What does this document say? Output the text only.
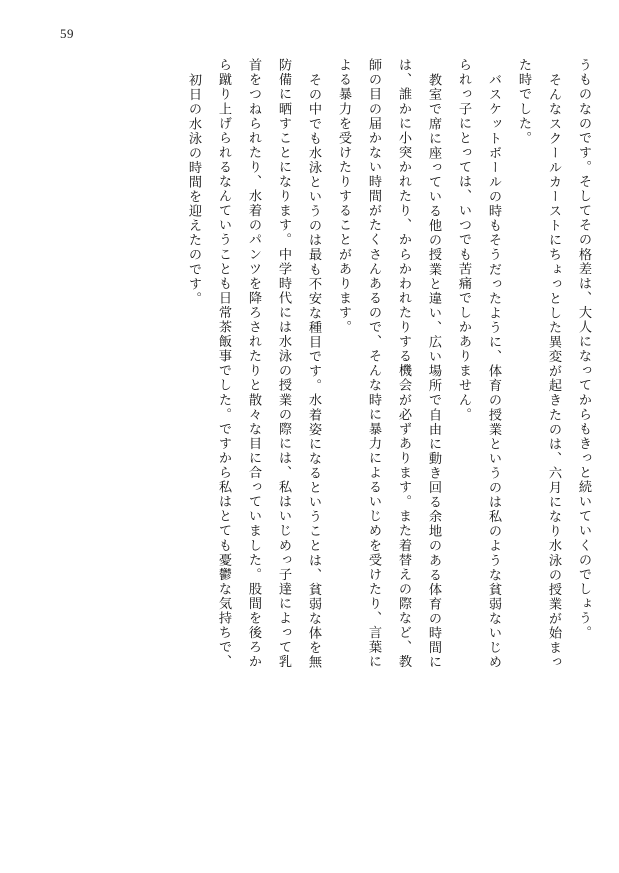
59
うものなのです。そしてその格差は、大人になってからもきっと続いていくのでしょう。
そんなスクールカーストにちょっとした異変が起きたのは、六月になり水泳の授業が始まっ
た時でした。
バスケットボールの時もそうだったように、体育の授業というのは私のような貧弱ないじめ
られっ子にとっては、いつでも苦痛でしかありません。
教室で席に座っている他の授業と違い、広い場所で自由に動き回る余地のある体育の時間に
は、誰かに小突かれたり、からかわれたりする機会が必ずあります。また着替えの際など、教
師の目の届かない時間がたくさんあるので、そんな時に暴力によるいじめを受けたり、言葉に
よる暴力を受けたりすることがあります。
その中でも水泳というのは最も不安な種目です。水着姿になるということは、貧弱な体を無
防備に晒すことになります。中学時代には水泳の授業の際には、私はいじめっ子達によって乳
首をつねられたり、水着のパンツを降ろされたりと散々な目に合っていました。股間を後ろか
ら蹴り上げられるなんていうことも日常茶飯事でした。ですから私はとても憂鬱な気持ちで、
初日の水泳の時間を迎えたのです。
